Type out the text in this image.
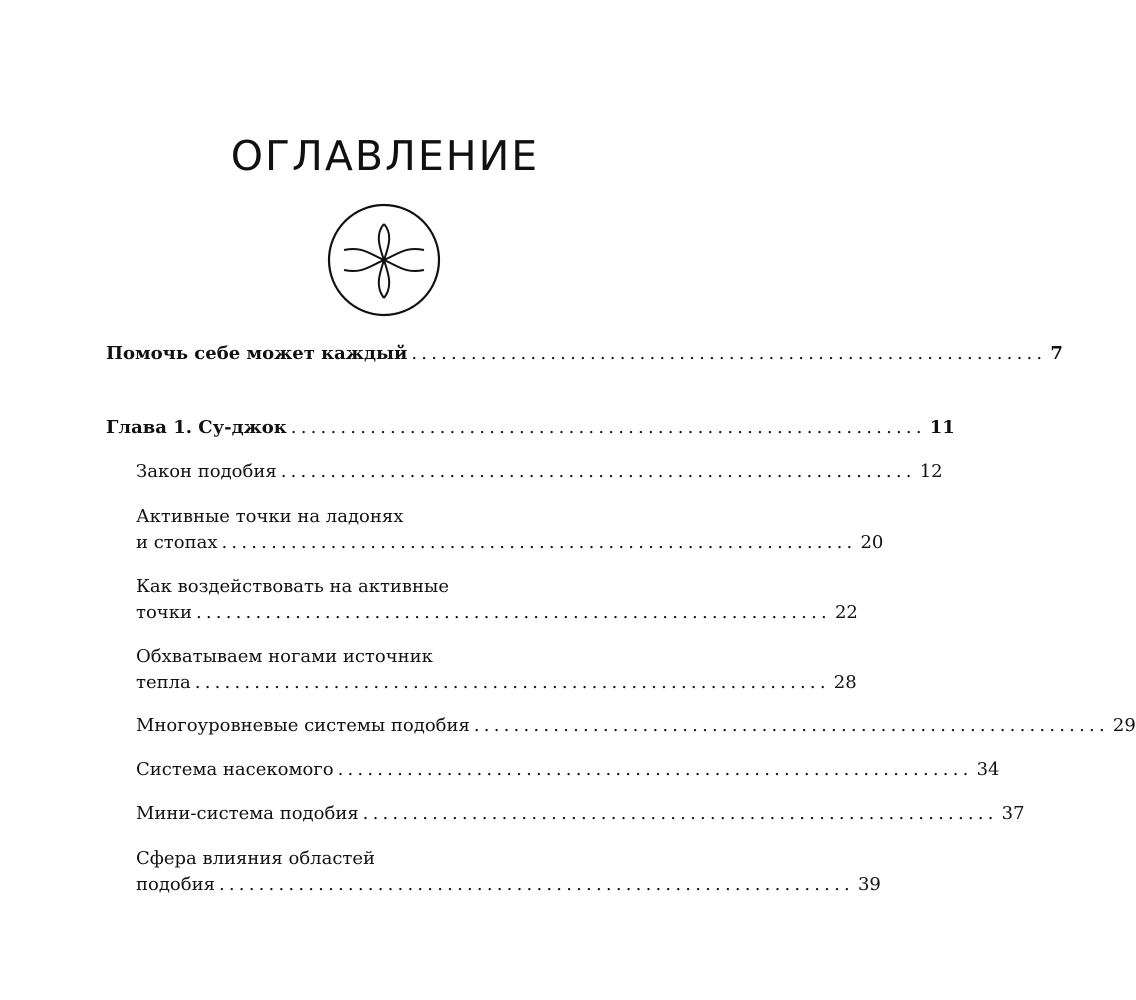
ОГЛАВЛЕНИЕ
Помочь себе может каждый ................................................................ 7
Глава 1. Су-джок ................................................................ 11
Закон подобия ................................................................ 12
Активные точки на ладонях
и стопах ................................................................ 20
Как воздействовать на активные
точки ................................................................ 22
Обхватываем ногами источник
тепла ................................................................ 28
Многоуровневые системы подобия ................................................................ 29
Система насекомого ................................................................ 34
Мини-система подобия ................................................................ 37
Сфера влияния областей
подобия ................................................................ 39
